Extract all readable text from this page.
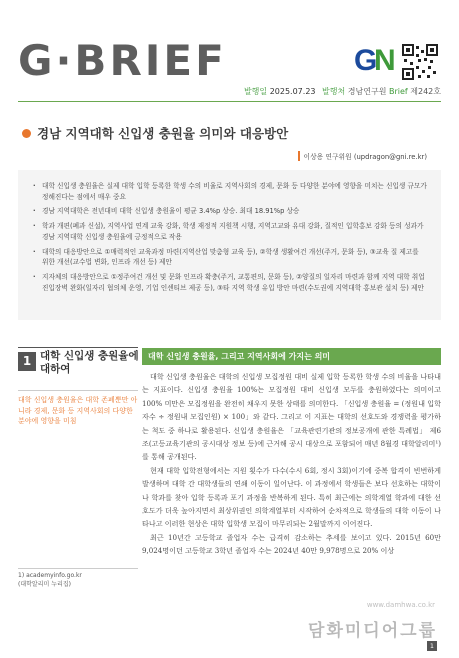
G·BRIEF	G
N
발행일 2025.07.23 발행처 경남연구원 Brief 제242호
경남 지역대학 신입생 충원율 의미와 대응방안
이상용 연구위원 (updragon@gni.re.kr)
· 대학 신입생 충원율은 실제 대학 입학 등록한 학생 수의 비율로 지역사회의 경제, 문화 등 다양한 분야에 영향을 미치는 신입생 규모가 정해진다는 점에서 매우 중요
· 경남 지역대학은 전년대비 대학 신입생 충원율이 평균 3.4%p 상승. 최대 18.91%p 상승
· 학과 개편(폐과 신설), 지역사업 연계 교육 강화, 학생 재정적 지원책 시행, 지역고교와 유대 강화, 질적인 입학홍보 강화 등의 성과가 경남 지역대학 신입생 충원율에 긍정적으로 작용
· 대학의 대응방안으로 ①매력적인 교육과정 마련(지역산업 맞춤형 교육 등), ②학생 생활여건 개선(주거, 문화 등), ③교육 질 제고를 위한 개선(교수법 변화, 인프라 개선 등) 제안
· 지자체의 대응방안으로 ①정주여건 개선 및 문화 인프라 확충(주거, 교통편의, 문화 등), ②양질의 일자리 마련과 함께 지역 대학 취업 진입장벽 완화(일자리 협의체 운영, 기업 인센티브 제공 등), ③타 지역 학생 유입 방안 마련(수도권에 지역대학 홍보관 설치 등) 제안
1 대학 신입생 충원율에 대하여
대학 신입생 충원율은 대학 존폐뿐만 아니라 경제, 문화 등 지역사회의 다양한 분야에 영향을 미침
1) academyinfo.go.kr
(대학알리미 누리집)
대학 신입생 충원율, 그리고 지역사회에 가지는 의미

대학 신입생 충원율은 대학의 신입생 모집정원 대비 실제 입학 등록한 학생 수의 비율을 나타내는 지표이다. 신입생 충원율 100%는 모집정원 대비 신입생 모두를 충원하였다는 의미이고 100% 미만은 모집정원을 완전히 채우지 못한 상태를 의미한다. 「신입생 충원율 = (정원내 입학자수 ÷ 정원내 모집인원) × 100」와 같다. 그리고 이 지표는 대학의 선호도와 경쟁력을 평가하는 척도 중 하나로 활용된다. 신입생 충원율은 「교육관련기관의 정보공개에 관한 특례법」 제6조(고등교육기관의 공시대상 정보 등)에 근거해 공시 대상으로 포함되어 매년 8월경 대학알리미¹)를 통해 공개된다.

현재 대학 입학전형에서는 지원 횟수가 다수(수시 6회, 정시 3회)이기에 중복 합격이 빈번하게 발생하며 대학 간 대학생들의 연쇄 이동이 일어난다. 이 과정에서 학생들은 보다 선호하는 대학이나 학과를 찾아 입학 등록과 포기 과정을 반복하게 된다. 특히 최근에는 의학계열 학과에 대한 선호도가 더욱 높아지면서 최상위권인 의학계열부터 시작하여 순차적으로 학생들의 대학 이동이 나타나고 이러한 현상은 대학 입학생 모집이 마무리되는 2월말까지 이어진다.

최근 10년간 고등학교 졸업자 수는 급격히 감소하는 추세를 보이고 있다. 2015년 60만 9,024명이던 고등학교 3학년 졸업자 수는 2024년 40만 9,978명으로 20% 이상

www.damhwa.co.kr
담화미디어그룹
1
